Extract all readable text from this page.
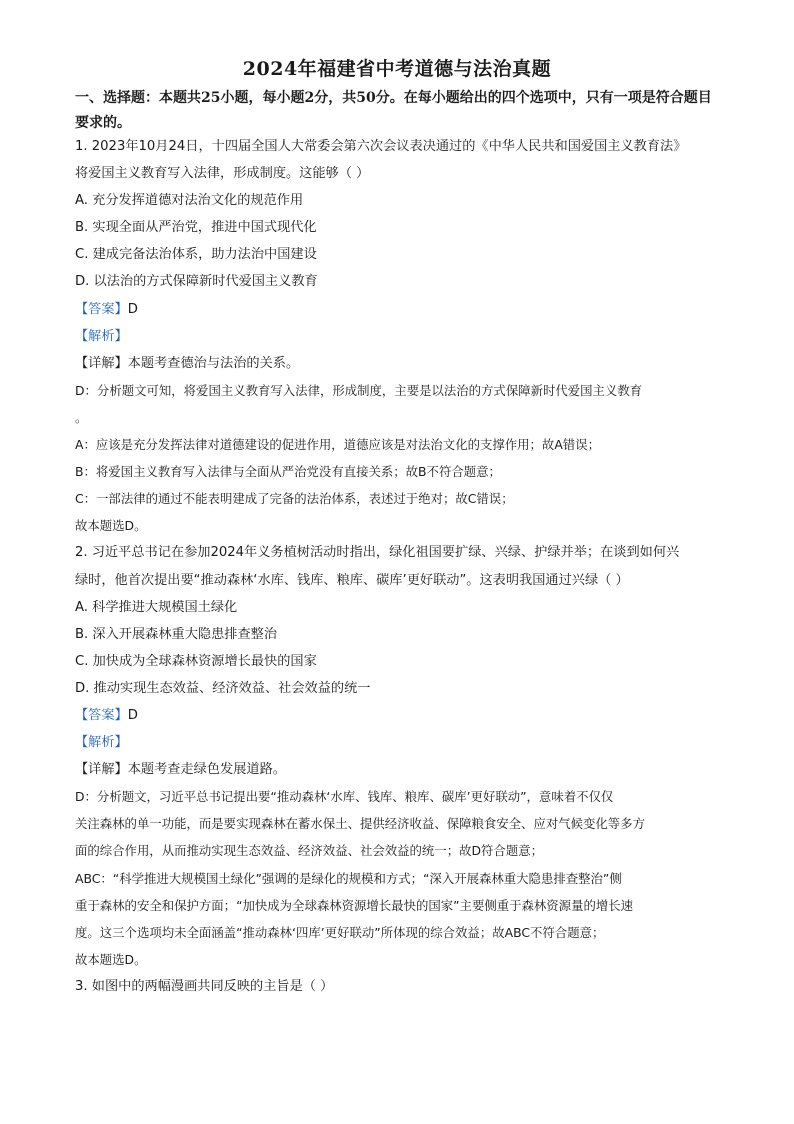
2024年福建省中考道德与法治真题
一、选择题：本题共25小题，每小题2分，共50分。在每小题给出的四个选项中，只有一项是符合题目要求的。
1. 2023年10月24日，十四届全国人大常委会第六次会议表决通过的《中华人民共和国爱国主义教育法》
将爱国主义教育写入法律，形成制度。这能够（ ）
A. 充分发挥道德对法治文化的规范作用
B. 实现全面从严治党，推进中国式现代化
C. 建成完备法治体系，助力法治中国建设
D. 以法治的方式保障新时代爱国主义教育
【答案】D
【解析】
【详解】本题考查德治与法治的关系。
D：分析题文可知，将爱国主义教育写入法律，形成制度，主要是以法治的方式保障新时代爱国主义教育
。
A：应该是充分发挥法律对道德建设的促进作用，道德应该是对法治文化的支撑作用；故A错误；
B：将爱国主义教育写入法律与全面从严治党没有直接关系；故B不符合题意；
C：一部法律的通过不能表明建成了完备的法治体系，表述过于绝对；故C错误；
故本题选D。
2. 习近平总书记在参加2024年义务植树活动时指出，绿化祖国要扩绿、兴绿、护绿并举；在谈到如何兴
绿时，他首次提出要“推动森林‘水库、钱库、粮库、碳库’更好联动”。这表明我国通过兴绿（ ）
A. 科学推进大规模国土绿化
B. 深入开展森林重大隐患排查整治
C. 加快成为全球森林资源增长最快的国家
D. 推动实现生态效益、经济效益、社会效益的统一
【答案】D
【解析】
【详解】本题考查走绿色发展道路。
D：分析题文，习近平总书记提出要“推动森林‘水库、钱库、粮库、碳库’更好联动”，意味着不仅仅
关注森林的单一功能，而是要实现森林在蓄水保土、提供经济收益、保障粮食安全、应对气候变化等多方
面的综合作用，从而推动实现生态效益、经济效益、社会效益的统一；故D符合题意；
ABC：“科学推进大规模国土绿化”强调的是绿化的规模和方式；“深入开展森林重大隐患排查整治”侧
重于森林的安全和保护方面；“加快成为全球森林资源增长最快的国家”主要侧重于森林资源量的增长速
度。这三个选项均未全面涵盖“推动森林‘四库’更好联动”所体现的综合效益；故ABC不符合题意；
故本题选D。
3. 如图中的两幅漫画共同反映的主旨是（ ）
